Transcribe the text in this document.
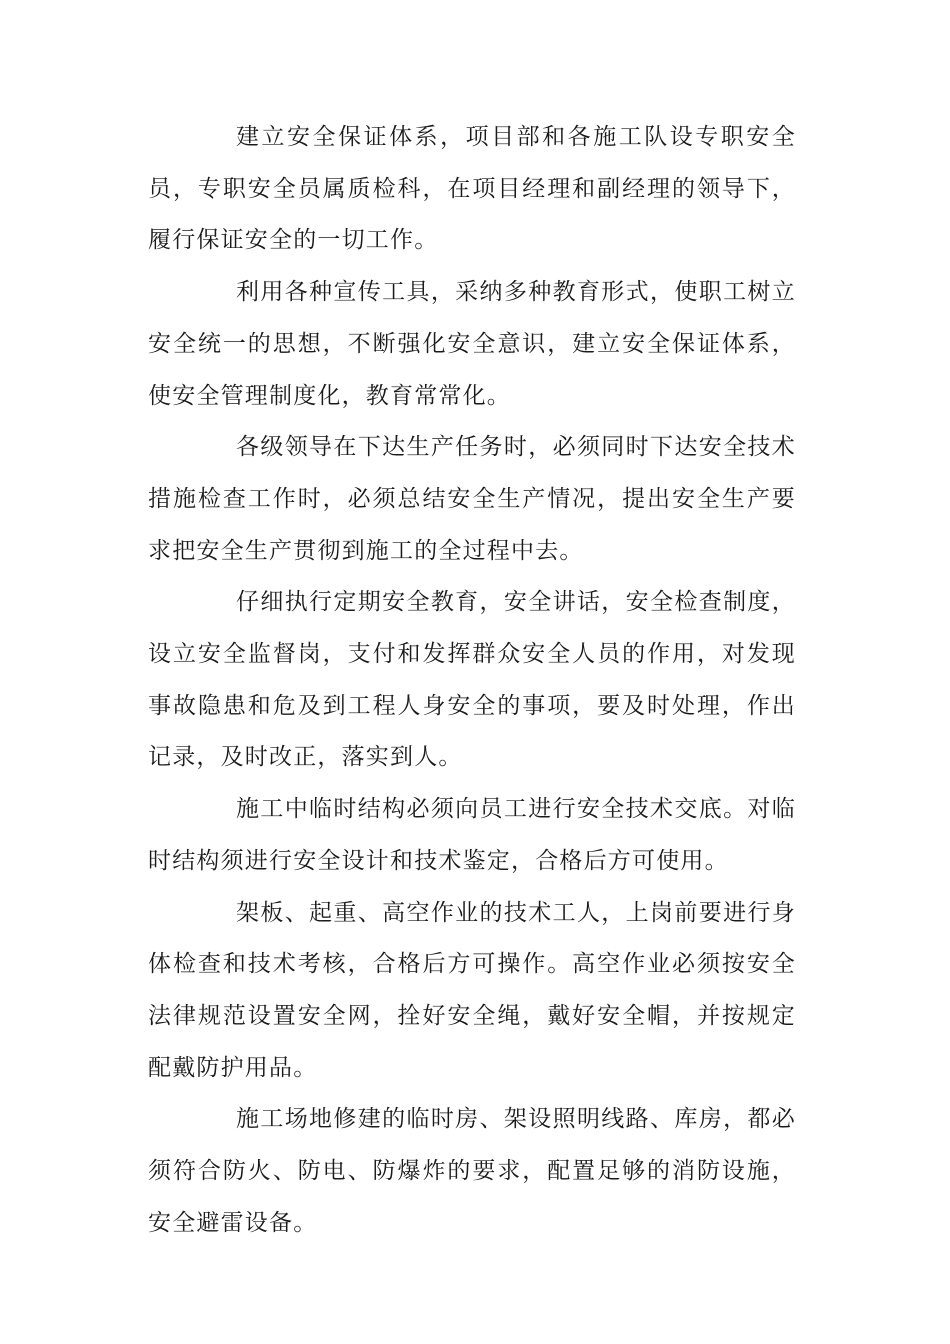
建立安全保证体系，项目部和各施工队设专职安全员，专职安全员属质检科，在项目经理和副经理的领导下，履行保证安全的一切工作。

利用各种宣传工具，采纳多种教育形式，使职工树立安全统一的思想，不断强化安全意识，建立安全保证体系，使安全管理制度化，教育常常化。

各级领导在下达生产任务时，必须同时下达安全技术措施检查工作时，必须总结安全生产情况，提出安全生产要求把安全生产贯彻到施工的全过程中去。

仔细执行定期安全教育，安全讲话，安全检查制度，设立安全监督岗，支付和发挥群众安全人员的作用，对发现事故隐患和危及到工程人身安全的事项，要及时处理，作出记录，及时改正，落实到人。

施工中临时结构必须向员工进行安全技术交底。对临时结构须进行安全设计和技术鉴定，合格后方可使用。

架板、起重、高空作业的技术工人，上岗前要进行身体检查和技术考核，合格后方可操作。高空作业必须按安全法律规范设置安全网，拴好安全绳，戴好安全帽，并按规定配戴防护用品。

施工场地修建的临时房、架设照明线路、库房，都必须符合防火、防电、防爆炸的要求，配置足够的消防设施，安全避雷设备。
